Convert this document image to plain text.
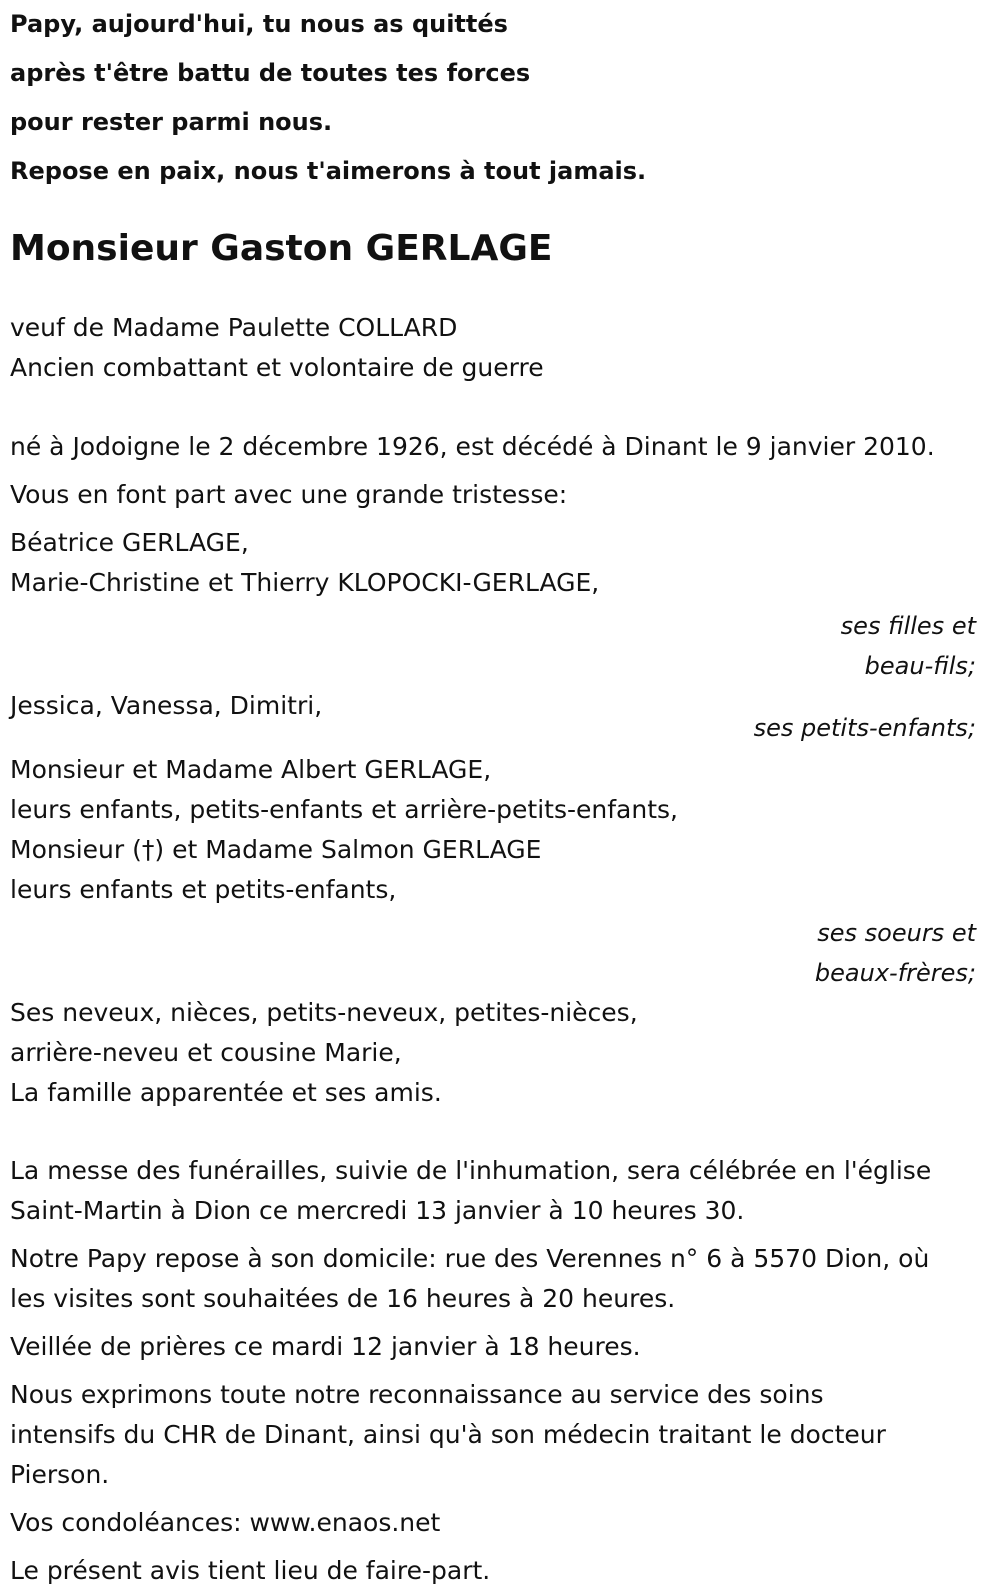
Papy, aujourd'hui, tu nous as quittés
après t'être battu de toutes tes forces
pour rester parmi nous.
Repose en paix, nous t'aimerons à tout jamais.
Monsieur Gaston GERLAGE
veuf de Madame Paulette COLLARD
Ancien combattant et volontaire de guerre
né à Jodoigne le 2 décembre 1926, est décédé à Dinant le 9 janvier 2010.
Vous en font part avec une grande tristesse:
Béatrice GERLAGE,
Marie-Christine et Thierry KLOPOCKI-GERLAGE,
ses filles et
beau-fils;
Jessica, Vanessa, Dimitri,
ses petits-enfants;
Monsieur et Madame Albert GERLAGE,
leurs enfants, petits-enfants et arrière-petits-enfants,
Monsieur (†) et Madame Salmon GERLAGE
leurs enfants et petits-enfants,
ses soeurs et
beaux-frères;
Ses neveux, nièces, petits-neveux, petites-nièces,
arrière-neveu et cousine Marie,
La famille apparentée et ses amis.
La messe des funérailles, suivie de l'inhumation, sera célébrée en l'église
Saint-Martin à Dion ce mercredi 13 janvier à 10 heures 30.
Notre Papy repose à son domicile: rue des Verennes n° 6 à 5570 Dion, où
les visites sont souhaitées de 16 heures à 20 heures.
Veillée de prières ce mardi 12 janvier à 18 heures.
Nous exprimons toute notre reconnaissance au service des soins
intensifs du CHR de Dinant, ainsi qu'à son médecin traitant le docteur
Pierson.
Vos condoléances: www.enaos.net
Le présent avis tient lieu de faire-part.
